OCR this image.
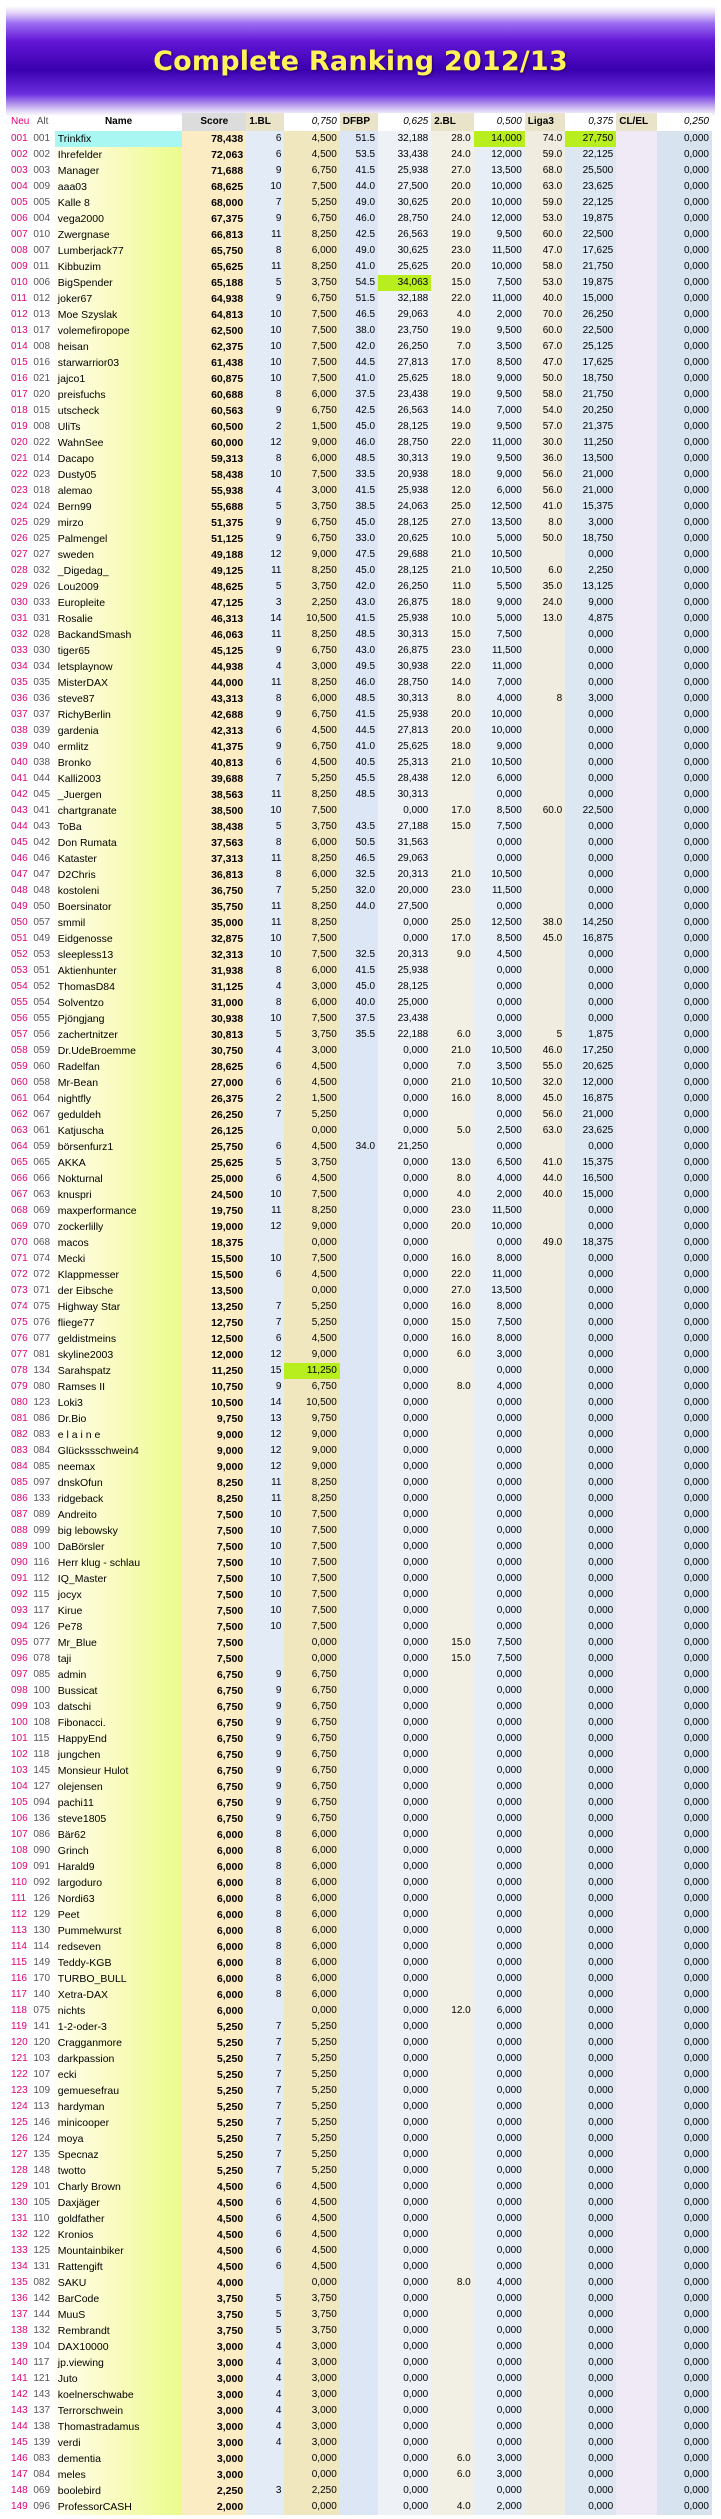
Complete Ranking 2012/13
Neu	Alt	Name	Score	1.BL	0,750	DFBP	0,625	2.BL	0,500	Liga3	0,375	CL/EL	0,250
001	001	Trinkfix	78,438	6	4,500	51.5	32,188	28.0	14,000	74.0	27,750		0,000
002	002	Ihrefelder	72,063	6	4,500	53.5	33,438	24.0	12,000	59.0	22,125		0,000
003	003	Manager	71,688	9	6,750	41.5	25,938	27.0	13,500	68.0	25,500		0,000
004	009	aaa03	68,625	10	7,500	44.0	27,500	20.0	10,000	63.0	23,625		0,000
005	005	Kalle 8	68,000	7	5,250	49.0	30,625	20.0	10,000	59.0	22,125		0,000
006	004	vega2000	67,375	9	6,750	46.0	28,750	24.0	12,000	53.0	19,875		0,000
007	010	Zwergnase	66,813	11	8,250	42.5	26,563	19.0	9,500	60.0	22,500		0,000
008	007	Lumberjack77	65,750	8	6,000	49.0	30,625	23.0	11,500	47.0	17,625		0,000
009	011	Kibbuzim	65,625	11	8,250	41.0	25,625	20.0	10,000	58.0	21,750		0,000
010	006	BigSpender	65,188	5	3,750	54.5	34,063	15.0	7,500	53.0	19,875		0,000
011	012	joker67	64,938	9	6,750	51.5	32,188	22.0	11,000	40.0	15,000		0,000
012	013	Moe Szyslak	64,813	10	7,500	46.5	29,063	4.0	2,000	70.0	26,250		0,000
013	017	volemefiropope	62,500	10	7,500	38.0	23,750	19.0	9,500	60.0	22,500		0,000
014	008	heisan	62,375	10	7,500	42.0	26,250	7.0	3,500	67.0	25,125		0,000
015	016	starwarrior03	61,438	10	7,500	44.5	27,813	17.0	8,500	47.0	17,625		0,000
016	021	jajco1	60,875	10	7,500	41.0	25,625	18.0	9,000	50.0	18,750		0,000
017	020	preisfuchs	60,688	8	6,000	37.5	23,438	19.0	9,500	58.0	21,750		0,000
018	015	utscheck	60,563	9	6,750	42.5	26,563	14.0	7,000	54.0	20,250		0,000
019	008	UliTs	60,500	2	1,500	45.0	28,125	19.0	9,500	57.0	21,375		0,000
020	022	WahnSee	60,000	12	9,000	46.0	28,750	22.0	11,000	30.0	11,250		0,000
021	014	Dacapo	59,313	8	6,000	48.5	30,313	19.0	9,500	36.0	13,500		0,000
022	023	Dusty05	58,438	10	7,500	33.5	20,938	18.0	9,000	56.0	21,000		0,000
023	018	alemao	55,938	4	3,000	41.5	25,938	12.0	6,000	56.0	21,000		0,000
024	024	Bern99	55,688	5	3,750	38.5	24,063	25.0	12,500	41.0	15,375		0,000
025	029	mirzo	51,375	9	6,750	45.0	28,125	27.0	13,500	8.0	3,000		0,000
026	025	Palmengel	51,125	9	6,750	33.0	20,625	10.0	5,000	50.0	18,750		0,000
027	027	sweden	49,188	12	9,000	47.5	29,688	21.0	10,500		0,000		0,000
028	032	_Digedag_	49,125	11	8,250	45.0	28,125	21.0	10,500	6.0	2,250		0,000
029	026	Lou2009	48,625	5	3,750	42.0	26,250	11.0	5,500	35.0	13,125		0,000
030	033	Europleite	47,125	3	2,250	43.0	26,875	18.0	9,000	24.0	9,000		0,000
031	031	Rosalie	46,313	14	10,500	41.5	25,938	10.0	5,000	13.0	4,875		0,000
032	028	BackandSmash	46,063	11	8,250	48.5	30,313	15.0	7,500		0,000		0,000
033	030	tiger65	45,125	9	6,750	43.0	26,875	23.0	11,500		0,000		0,000
034	034	letsplaynow	44,938	4	3,000	49.5	30,938	22.0	11,000		0,000		0,000
035	035	MisterDAX	44,000	11	8,250	46.0	28,750	14.0	7,000		0,000		0,000
036	036	steve87	43,313	8	6,000	48.5	30,313	8.0	4,000	8	3,000		0,000
037	037	RichyBerlin	42,688	9	6,750	41.5	25,938	20.0	10,000		0,000		0,000
038	039	gardenia	42,313	6	4,500	44.5	27,813	20.0	10,000		0,000		0,000
039	040	ermlitz	41,375	9	6,750	41.0	25,625	18.0	9,000		0,000		0,000
040	038	Bronko	40,813	6	4,500	40.5	25,313	21.0	10,500		0,000		0,000
041	044	Kalli2003	39,688	7	5,250	45.5	28,438	12.0	6,000		0,000		0,000
042	045	_Juergen	38,563	11	8,250	48.5	30,313		0,000		0,000		0,000
043	041	chartgranate	38,500	10	7,500		0,000	17.0	8,500	60.0	22,500		0,000
044	043	ToBa	38,438	5	3,750	43.5	27,188	15.0	7,500		0,000		0,000
045	042	Don Rumata	37,563	8	6,000	50.5	31,563		0,000		0,000		0,000
046	046	Kataster	37,313	11	8,250	46.5	29,063		0,000		0,000		0,000
047	047	D2Chris	36,813	8	6,000	32.5	20,313	21.0	10,500		0,000		0,000
048	048	kostoleni	36,750	7	5,250	32.0	20,000	23.0	11,500		0,000		0,000
049	050	Boersinator	35,750	11	8,250	44.0	27,500		0,000		0,000		0,000
050	057	smmil	35,000	11	8,250		0,000	25.0	12,500	38.0	14,250		0,000
051	049	Eidgenosse	32,875	10	7,500		0,000	17.0	8,500	45.0	16,875		0,000
052	053	sleepless13	32,313	10	7,500	32.5	20,313	9.0	4,500		0,000		0,000
053	051	Aktienhunter	31,938	8	6,000	41.5	25,938		0,000		0,000		0,000
054	052	ThomasD84	31,125	4	3,000	45.0	28,125		0,000		0,000		0,000
055	054	Solventzo	31,000	8	6,000	40.0	25,000		0,000		0,000		0,000
056	055	Pjöngjang	30,938	10	7,500	37.5	23,438		0,000		0,000		0,000
057	056	zachertnitzer	30,813	5	3,750	35.5	22,188	6.0	3,000	5	1,875		0,000
058	059	Dr.UdeBroemme	30,750	4	3,000		0,000	21.0	10,500	46.0	17,250		0,000
059	060	Radelfan	28,625	6	4,500		0,000	7.0	3,500	55.0	20,625		0,000
060	058	Mr-Bean	27,000	6	4,500		0,000	21.0	10,500	32.0	12,000		0,000
061	064	nightfly	26,375	2	1,500		0,000	16.0	8,000	45.0	16,875		0,000
062	067	geduldeh	26,250	7	5,250		0,000		0,000	56.0	21,000		0,000
063	061	Katjuscha	26,125		0,000		0,000	5.0	2,500	63.0	23,625		0,000
064	059	börsenfurz1	25,750	6	4,500	34.0	21,250		0,000		0,000		0,000
065	065	AKKA	25,625	5	3,750		0,000	13.0	6,500	41.0	15,375		0,000
066	066	Nokturnal	25,000	6	4,500		0,000	8.0	4,000	44.0	16,500		0,000
067	063	knuspri	24,500	10	7,500		0,000	4.0	2,000	40.0	15,000		0,000
068	069	maxperformance	19,750	11	8,250		0,000	23.0	11,500		0,000		0,000
069	070	zockerlilly	19,000	12	9,000		0,000	20.0	10,000		0,000		0,000
070	068	macos	18,375		0,000		0,000		0,000	49.0	18,375		0,000
071	074	Mecki	15,500	10	7,500		0,000	16.0	8,000		0,000		0,000
072	072	Klappmesser	15,500	6	4,500		0,000	22.0	11,000		0,000		0,000
073	071	der Eibsche	13,500		0,000		0,000	27.0	13,500		0,000		0,000
074	075	Highway Star	13,250	7	5,250		0,000	16.0	8,000		0,000		0,000
075	076	fliege77	12,750	7	5,250		0,000	15.0	7,500		0,000		0,000
076	077	geldistmeins	12,500	6	4,500		0,000	16.0	8,000		0,000		0,000
077	081	skyline2003	12,000	12	9,000		0,000	6.0	3,000		0,000		0,000
078	134	Sarahspatz	11,250	15	11,250		0,000		0,000		0,000		0,000
079	080	Ramses II	10,750	9	6,750		0,000	8.0	4,000		0,000		0,000
080	123	Loki3	10,500	14	10,500		0,000		0,000		0,000		0,000
081	086	Dr.Bio	9,750	13	9,750		0,000		0,000		0,000		0,000
082	083	e l a i n e	9,000	12	9,000		0,000		0,000		0,000		0,000
083	084	Glückssschwein4	9,000	12	9,000		0,000		0,000		0,000		0,000
084	085	neemax	9,000	12	9,000		0,000		0,000		0,000		0,000
085	097	dnskOfun	8,250	11	8,250		0,000		0,000		0,000		0,000
086	133	ridgeback	8,250	11	8,250		0,000		0,000		0,000		0,000
087	089	Andreito	7,500	10	7,500		0,000		0,000		0,000		0,000
088	099	big lebowsky	7,500	10	7,500		0,000		0,000		0,000		0,000
089	100	DaBörsler	7,500	10	7,500		0,000		0,000		0,000		0,000
090	116	Herr klug - schlau	7,500	10	7,500		0,000		0,000		0,000		0,000
091	112	IQ_Master	7,500	10	7,500		0,000		0,000		0,000		0,000
092	115	jocyx	7,500	10	7,500		0,000		0,000		0,000		0,000
093	117	Kirue	7,500	10	7,500		0,000		0,000		0,000		0,000
094	126	Pe78	7,500	10	7,500		0,000		0,000		0,000		0,000
095	077	Mr_Blue	7,500		0,000		0,000	15.0	7,500		0,000		0,000
096	078	taji	7,500		0,000		0,000	15.0	7,500		0,000		0,000
097	085	admin	6,750	9	6,750		0,000		0,000		0,000		0,000
098	100	Bussicat	6,750	9	6,750		0,000		0,000		0,000		0,000
099	103	datschi	6,750	9	6,750		0,000		0,000		0,000		0,000
100	108	Fibonacci.	6,750	9	6,750		0,000		0,000		0,000		0,000
101	115	HappyEnd	6,750	9	6,750		0,000		0,000		0,000		0,000
102	118	jungchen	6,750	9	6,750		0,000		0,000		0,000		0,000
103	145	Monsieur Hulot	6,750	9	6,750		0,000		0,000		0,000		0,000
104	127	olejensen	6,750	9	6,750		0,000		0,000		0,000		0,000
105	094	pachi11	6,750	9	6,750		0,000		0,000		0,000		0,000
106	136	steve1805	6,750	9	6,750		0,000		0,000		0,000		0,000
107	086	Bär62	6,000	8	6,000		0,000		0,000		0,000		0,000
108	090	Grinch	6,000	8	6,000		0,000		0,000		0,000		0,000
109	091	Harald9	6,000	8	6,000		0,000		0,000		0,000		0,000
110	092	largoduro	6,000	8	6,000		0,000		0,000		0,000		0,000
111	126	Nordi63	6,000	8	6,000		0,000		0,000		0,000		0,000
112	129	Peet	6,000	8	6,000		0,000		0,000		0,000		0,000
113	130	Pummelwurst	6,000	8	6,000		0,000		0,000		0,000		0,000
114	114	redseven	6,000	8	6,000		0,000		0,000		0,000		0,000
115	149	Teddy-KGB	6,000	8	6,000		0,000		0,000		0,000		0,000
116	170	TURBO_BULL	6,000	8	6,000		0,000		0,000		0,000		0,000
117	140	Xetra-DAX	6,000	8	6,000		0,000		0,000		0,000		0,000
118	075	nichts	6,000		0,000		0,000	12.0	6,000		0,000		0,000
119	141	1-2-oder-3	5,250	7	5,250		0,000		0,000		0,000		0,000
120	120	Cragganmore	5,250	7	5,250		0,000		0,000		0,000		0,000
121	103	darkpassion	5,250	7	5,250		0,000		0,000		0,000		0,000
122	107	ecki	5,250	7	5,250		0,000		0,000		0,000		0,000
123	109	gemuesefrau	5,250	7	5,250		0,000		0,000		0,000		0,000
124	113	hardyman	5,250	7	5,250		0,000		0,000		0,000		0,000
125	146	minicooper	5,250	7	5,250		0,000		0,000		0,000		0,000
126	124	moya	5,250	7	5,250		0,000		0,000		0,000		0,000
127	135	Specnaz	5,250	7	5,250		0,000		0,000		0,000		0,000
128	148	twotto	5,250	7	5,250		0,000		0,000		0,000		0,000
129	101	Charly Brown	4,500	6	4,500		0,000		0,000		0,000		0,000
130	105	Daxjäger	4,500	6	4,500		0,000		0,000		0,000		0,000
131	110	goldfather	4,500	6	4,500		0,000		0,000		0,000		0,000
132	122	Kronios	4,500	6	4,500		0,000		0,000		0,000		0,000
133	125	Mountainbiker	4,500	6	4,500		0,000		0,000		0,000		0,000
134	131	Rattengift	4,500	6	4,500		0,000		0,000		0,000		0,000
135	082	SAKU	4,000		0,000		0,000	8.0	4,000		0,000		0,000
136	142	BarCode	3,750	5	3,750		0,000		0,000		0,000		0,000
137	144	MuuS	3,750	5	3,750		0,000		0,000		0,000		0,000
138	132	Rembrandt	3,750	5	3,750		0,000		0,000		0,000		0,000
139	104	DAX10000	3,000	4	3,000		0,000		0,000		0,000		0,000
140	117	jp.viewing	3,000	4	3,000		0,000		0,000		0,000		0,000
141	121	Juto	3,000	4	3,000		0,000		0,000		0,000		0,000
142	143	koelnerschwabe	3,000	4	3,000		0,000		0,000		0,000		0,000
143	137	Terrorschwein	3,000	4	3,000		0,000		0,000		0,000		0,000
144	138	Thomastradamus	3,000	4	3,000		0,000		0,000		0,000		0,000
145	139	verdi	3,000	4	3,000		0,000		0,000		0,000		0,000
146	083	dementia	3,000		0,000		0,000	6.0	3,000		0,000		0,000
147	084	meles	3,000		0,000		0,000	6.0	3,000		0,000		0,000
148	069	boolebird	2,250	3	2,250		0,000		0,000		0,000		0,000
149	096	ProfessorCASH	2,000		0,000		0,000	4.0	2,000		0,000		0,000
